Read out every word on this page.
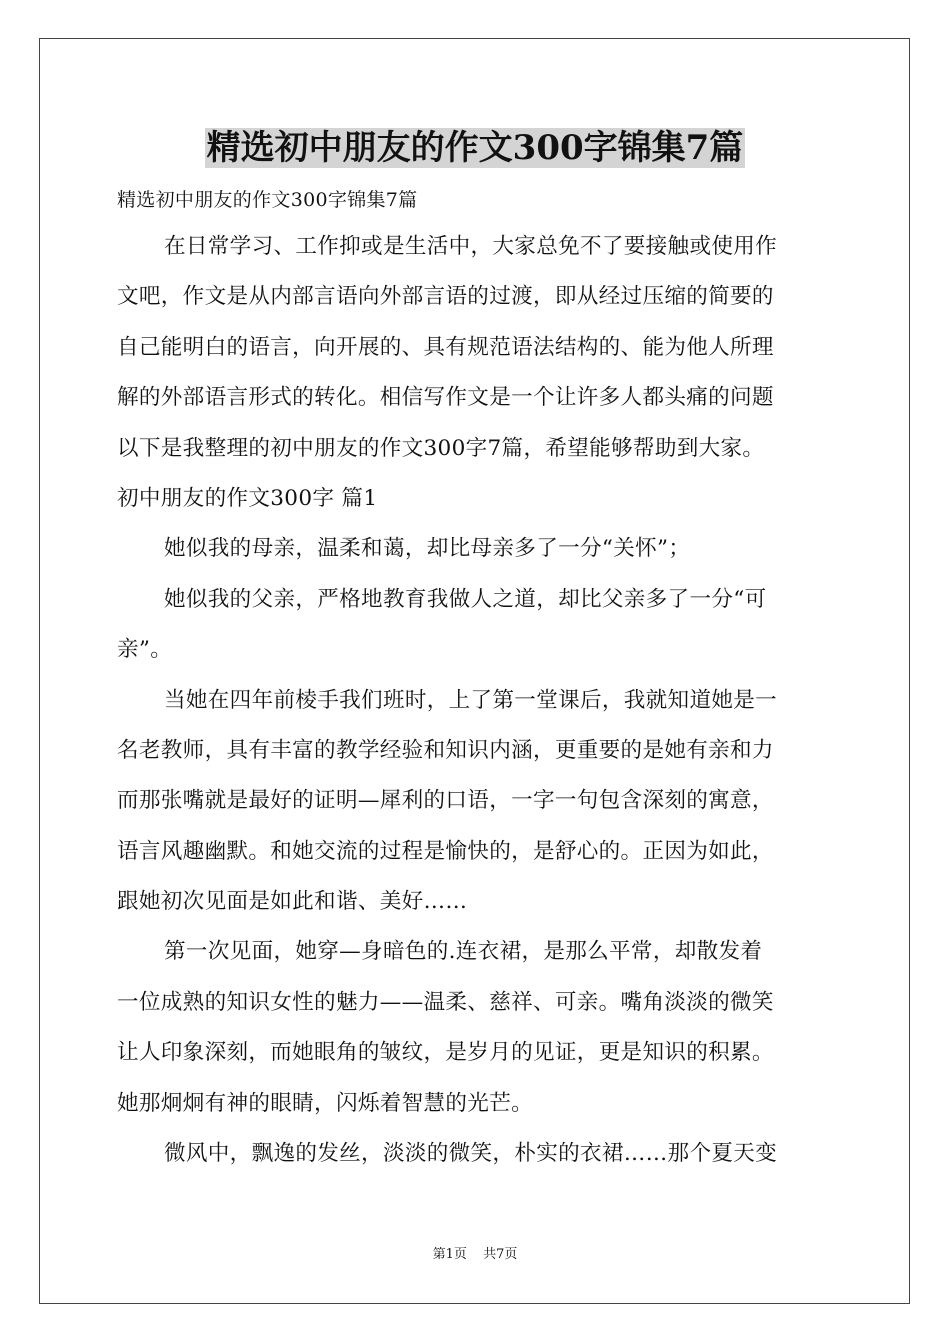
精选初中朋友的作文300字锦集7篇
精选初中朋友的作文300字锦集7篇
在日常学习、工作抑或是生活中，大家总免不了要接触或使用作
文吧，作文是从内部言语向外部言语的过渡，即从经过压缩的简要的
自己能明白的语言，向开展的、具有规范语法结构的、能为他人所理
解的外部语言形式的转化。相信写作文是一个让许多人都头痛的问题
以下是我整理的初中朋友的作文300字7篇，希望能够帮助到大家。
初中朋友的作文300字 篇1
她似我的母亲，温柔和蔼，却比母亲多了一分“关怀”；
她似我的父亲，严格地教育我做人之道，却比父亲多了一分“可
亲”。
当她在四年前棱手我们班时，上了第一堂课后，我就知道她是一
名老教师，具有丰富的教学经验和知识内涵，更重要的是她有亲和力
而那张嘴就是最好的证明—犀利的口语，一字一句包含深刻的寓意，
语言风趣幽默。和她交流的过程是愉快的，是舒心的。正因为如此，
跟她初次见面是如此和谐、美好……
第一次见面，她穿—身暗色的.连衣裙，是那么平常，却散发着
一位成熟的知识女性的魅力——温柔、慈祥、可亲。嘴角淡淡的微笑
让人印象深刻，而她眼角的皱纹，是岁月的见证，更是知识的积累。
她那炯炯有神的眼睛，闪烁着智慧的光芒。
微风中，飘逸的发丝，淡淡的微笑，朴实的衣裙……那个夏天变
第1页 共7页
